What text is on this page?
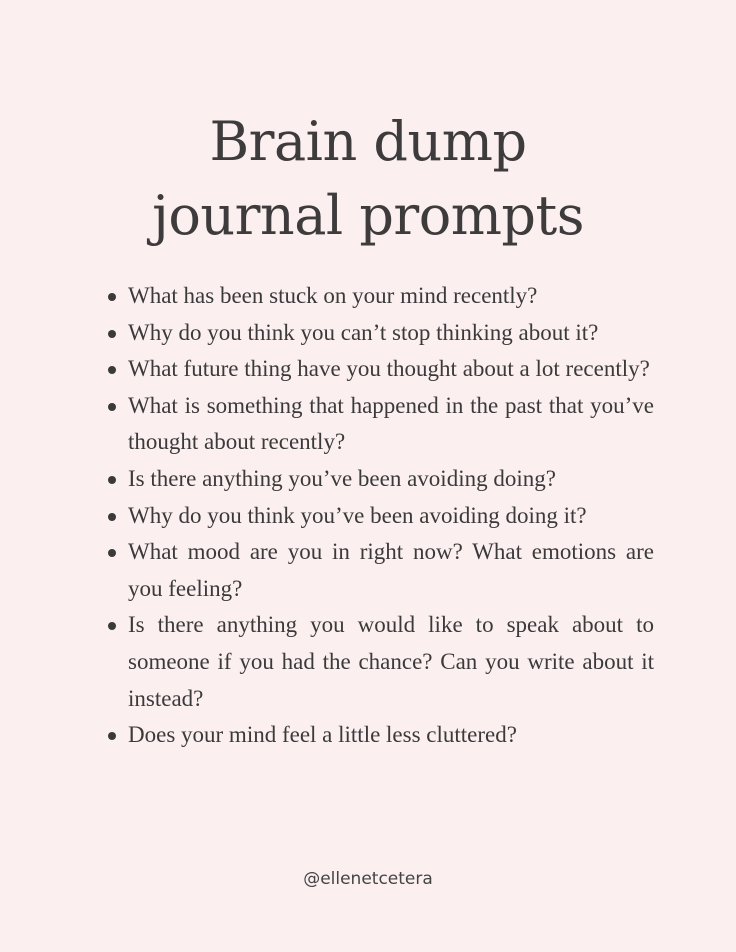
Brain dump
journal prompts
What has been stuck on your mind recently?
Why do you think you can’t stop thinking about it?
What future thing have you thought about a lot recently?
What is something that happened in the past that you’ve thought about recently?
Is there anything you’ve been avoiding doing?
Why do you think you’ve been avoiding doing it?
What mood are you in right now? What emotions are you feeling?
Is there anything you would like to speak about to someone if you had the chance? Can you write about it instead?
Does your mind feel a little less cluttered?

@ellenetcetera
